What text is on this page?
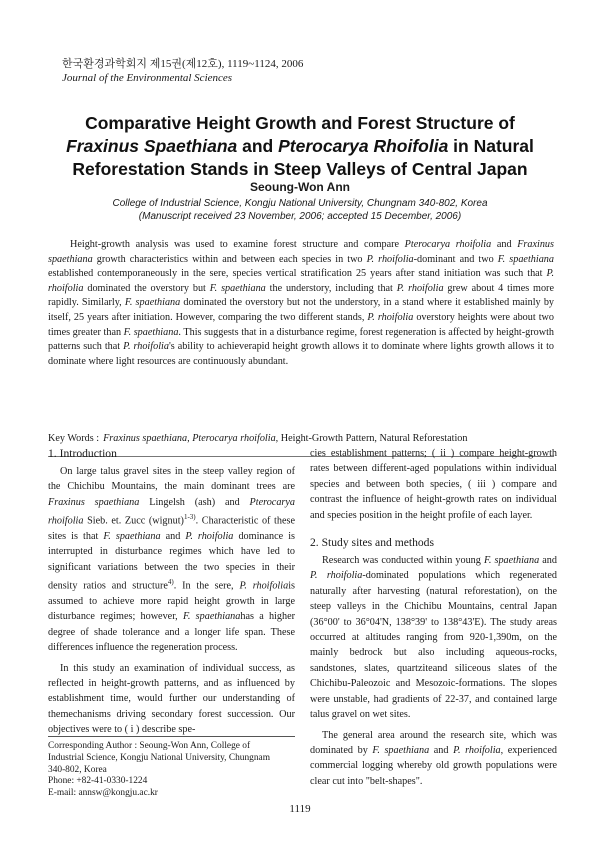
한국환경과학회지 제15권(제12호), 1119~1124, 2006
Journal of the Environmental Sciences
Comparative Height Growth and Forest Structure of
Fraxinus Spaethiana and Pterocarya Rhoifolia in Natural
Reforestation Stands in Steep Valleys of Central Japan
Seoung-Won Ann
College of Industrial Science, Kongju National University, Chungnam 340-802, Korea
(Manuscript received 23 November, 2006; accepted 15 December, 2006)
Height-growth analysis was used to examine forest structure and compare Pterocarya rhoifolia and Fraxinus spaethiana growth characteristics within and between each species in two P. rhoifolia-dominant and two F. spaethiana established contemporaneously in the sere, species vertical stratification 25 years after stand initiation was such that P. rhoifolia dominated the overstory but F. spaethiana the understory, including that P. rhoifolia grew about 4 times more rapidly. Similarly, F. spaethiana dominated the overstory but not the understory, in a stand where it established mainly by itself, 25 years after initiation. However, comparing the two different stands, P. rhoifolia overstory heights were about two times greater than F. spaethiana. This suggests that in a disturbance regime, forest regeneration is affected by height-growth patterns such that P. rhoifolia's ability to achieverapid height growth allows it to dominate where lights growth allows it to dominate where light resources are continuously abundant.
Key Words : Fraxinus spaethiana, Pterocarya rhoifolia, Height-Growth Pattern, Natural Reforestation
1. Introduction

On large talus gravel sites in the steep valley region of the Chichibu Mountains, the main dominant trees are Fraxinus spaethiana Lingelsh (ash) and Pterocarya rhoifolia Sieb. et. Zucc (wignut)$^{1-3)}$. Characteristic of these sites is that F. spaethiana and P. rhoifolia dominance is interrupted in disturbance regimes which have led to significant variations between the two species in their density ratios and structure$^{4)}$. In the sere, P. rhoifoliais assumed to achieve more rapid height growth in large disturbance regimes; however, F. spaethianahas a higher degree of shade tolerance and a longer life span. These differences influence the regeneration process.

In this study an examination of individual success, as reflected in height-growth patterns, and as influenced by establishment time, would further our understanding of themechanisms driving secondary forest succession. Our objectives were to ( i ) describe spe-

cies establishment patterns; ( ii ) compare height-growth rates between different-aged populations within individual species and between both species, ( iii ) compare and contrast the influence of height-growth rates on individual and species position in the height profile of each layer.

2. Study sites and methods

Research was conducted within young F. spaethiana and P. rhoifolia-dominated populations which regenerated naturally after harvesting (natural reforestation), on the steep valleys in the Chichibu Mountains, central Japan (36°00' to 36°04'N, 138°39' to 138°43'E). The study areas occurred at altitudes ranging from 920-1,390m, on the mainly bedrock but also including aqueous-rocks, sandstones, slates, quartziteand siliceous slates of the Chichibu-Paleozoic and Mesozoic-formations. The slopes were unstable, had gradients of 22-37, and contained large talus gravel on wet sites.

The general area around the research site, which was dominated by F. spaethiana and P. rhoifolia, experienced commercial logging whereby old growth populations were clear cut into "belt-shapes".

Corresponding Author : Seoung-Won Ann, College of
Industrial Science, Kongju National University, Chungnam
340-802, Korea
Phone: +82-41-0330-1224
E-mail: annsw@kongju.ac.kr
1119
